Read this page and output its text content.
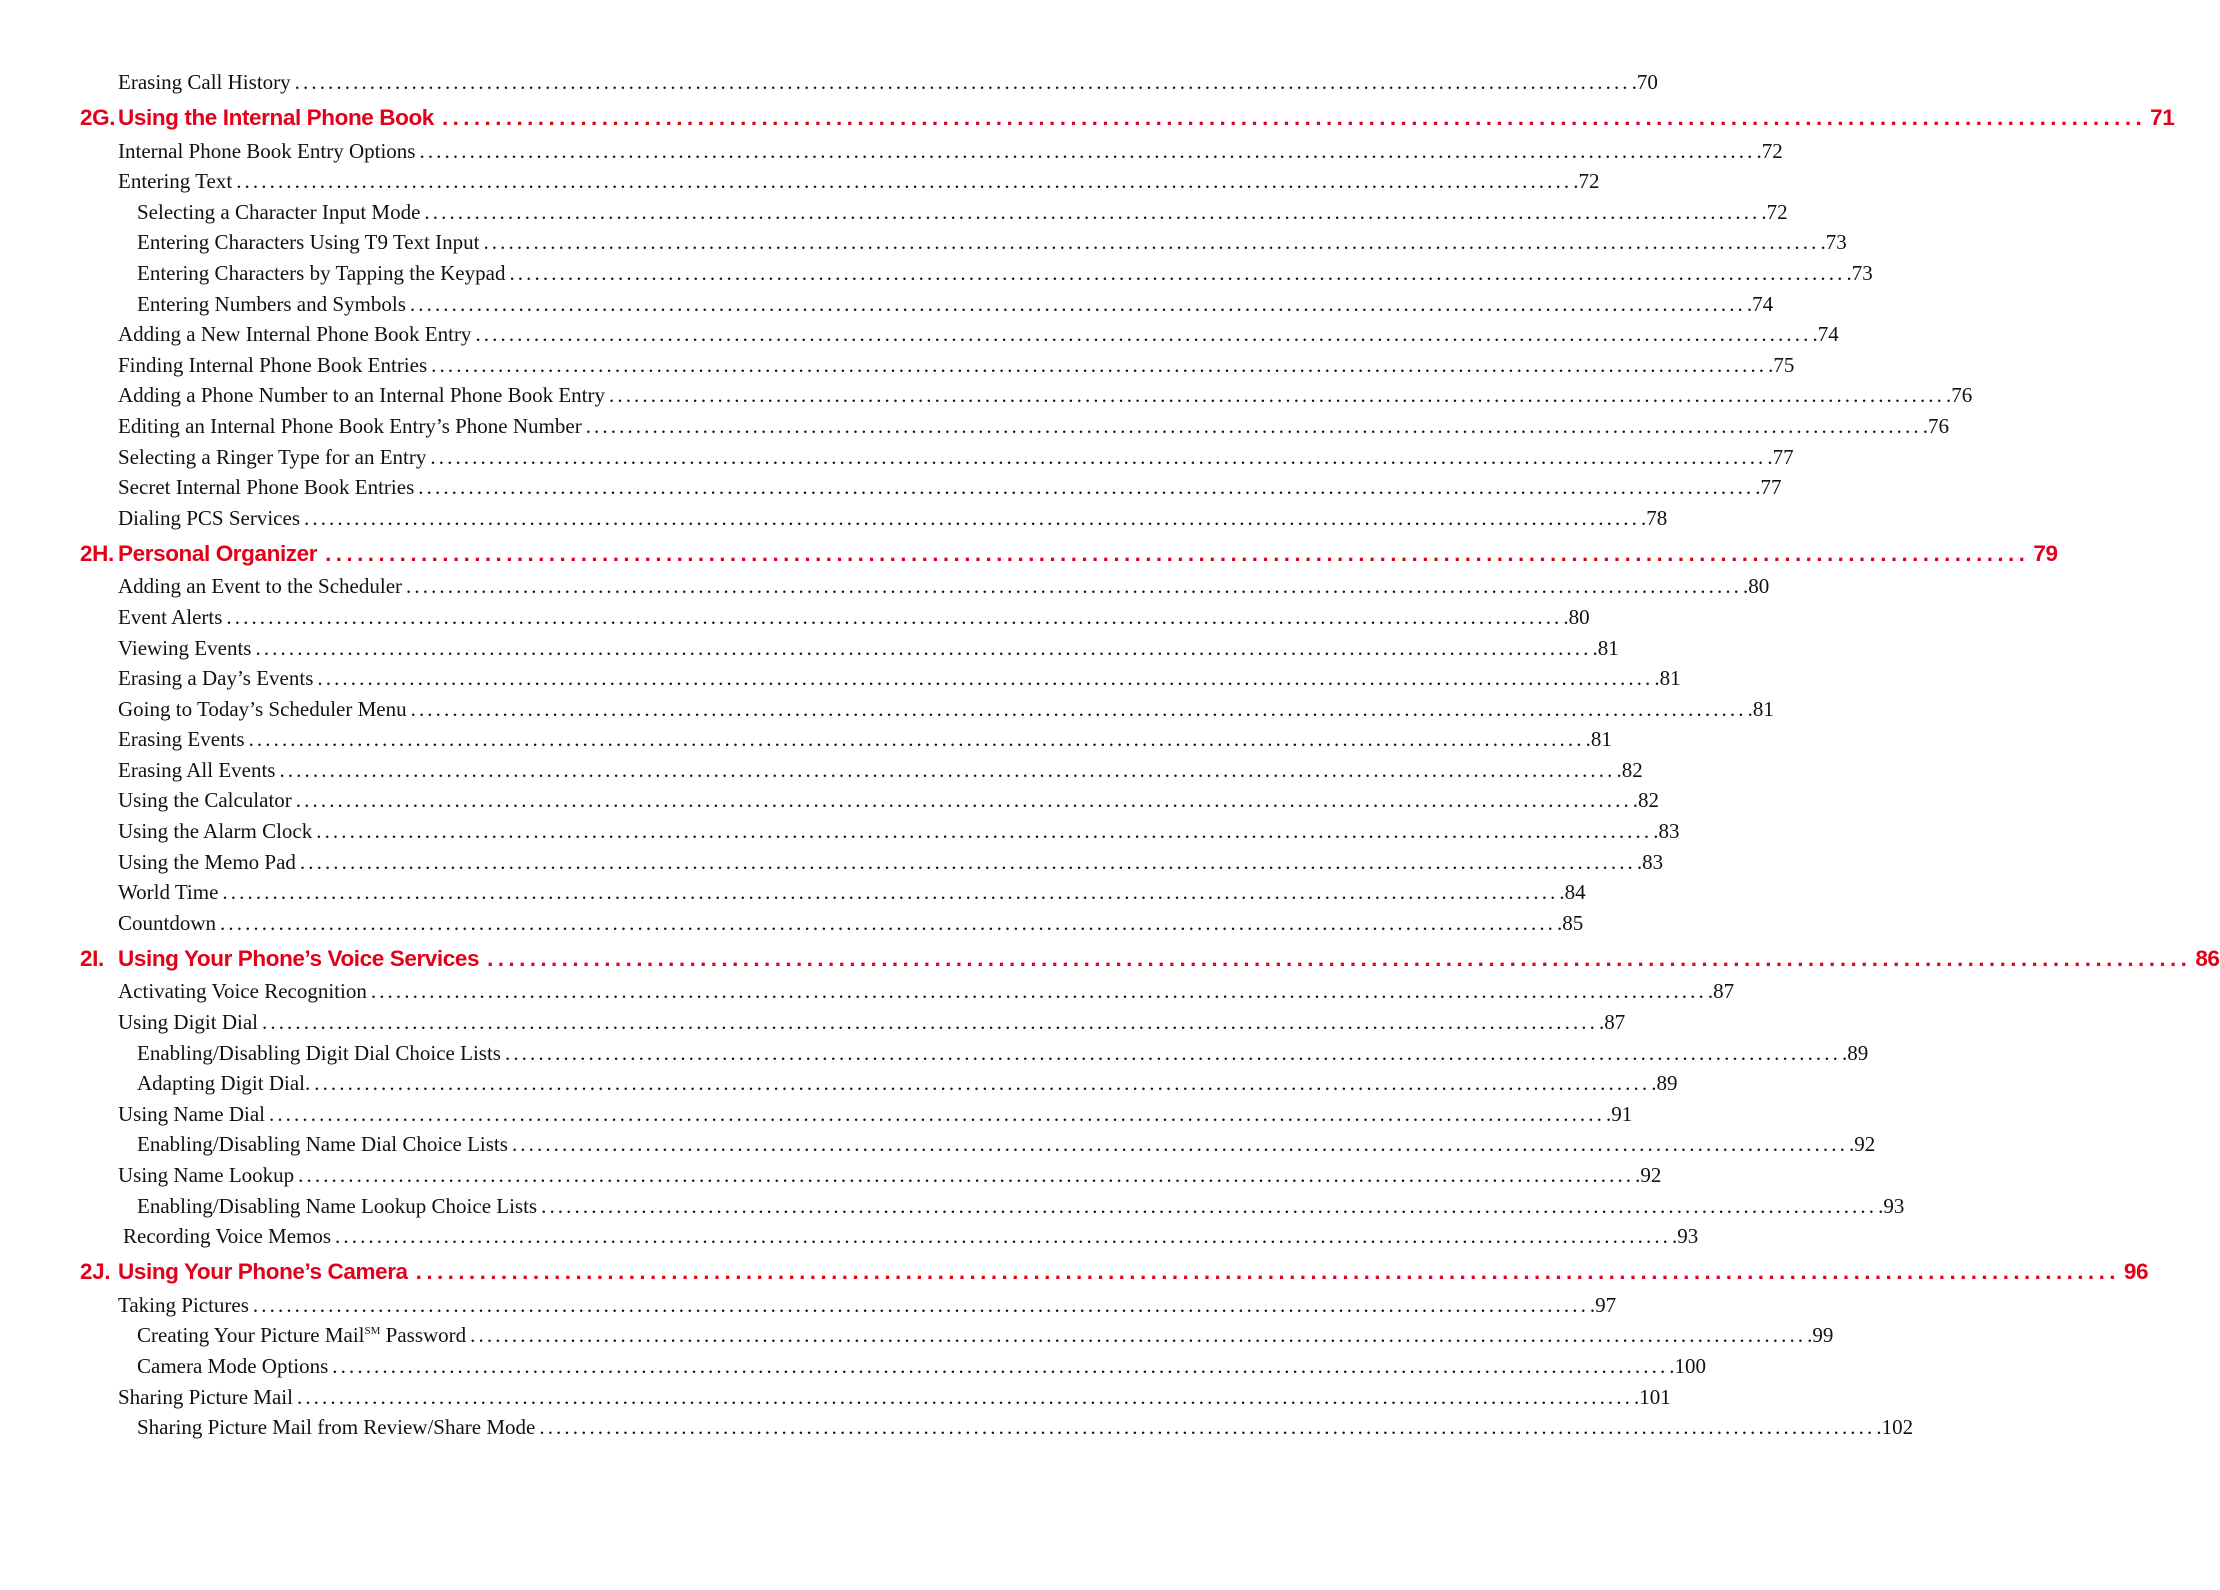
Erasing Call History ................................................................................................................................................................ .70
2G. Using the Internal Phone Book ................................................................................................................................................................ 71
Internal Phone Book Entry Options ................................................................................................................................................................ .72
Entering Text ................................................................................................................................................................ .72
Selecting a Character Input Mode ................................................................................................................................................................ .72
Entering Characters Using T9 Text Input ................................................................................................................................................................ .73
Entering Characters by Tapping the Keypad ................................................................................................................................................................ .73
Entering Numbers and Symbols ................................................................................................................................................................ .74
Adding a New Internal Phone Book Entry ................................................................................................................................................................ .74
Finding Internal Phone Book Entries ................................................................................................................................................................ .75
Adding a Phone Number to an Internal Phone Book Entry ................................................................................................................................................................ .76
Editing an Internal Phone Book Entry’s Phone Number ................................................................................................................................................................ .76
Selecting a Ringer Type for an Entry ................................................................................................................................................................ .77
Secret Internal Phone Book Entries ................................................................................................................................................................ .77
Dialing PCS Services ................................................................................................................................................................ .78
2H. Personal Organizer ................................................................................................................................................................ 79
Adding an Event to the Scheduler ................................................................................................................................................................ .80
Event Alerts ................................................................................................................................................................ .80
Viewing Events ................................................................................................................................................................ .81
Erasing a Day’s Events ................................................................................................................................................................ .81
Going to Today’s Scheduler Menu ................................................................................................................................................................ .81
Erasing Events ................................................................................................................................................................ .81
Erasing All Events ................................................................................................................................................................ .82
Using the Calculator ................................................................................................................................................................ .82
Using the Alarm Clock ................................................................................................................................................................ .83
Using the Memo Pad ................................................................................................................................................................ .83
World Time ................................................................................................................................................................ .84
Countdown ................................................................................................................................................................ .85
2I. Using Your Phone’s Voice Services ................................................................................................................................................................ 86
Activating Voice Recognition ................................................................................................................................................................ .87
Using Digit Dial ................................................................................................................................................................ .87
Enabling/Disabling Digit Dial Choice Lists ................................................................................................................................................................ .89
Adapting Digit Dial. ................................................................................................................................................................ .89
Using Name Dial ................................................................................................................................................................ .91
Enabling/Disabling Name Dial Choice Lists ................................................................................................................................................................ .92
Using Name Lookup ................................................................................................................................................................ .92
Enabling/Disabling Name Lookup Choice Lists ................................................................................................................................................................ .93
Recording Voice Memos ................................................................................................................................................................ .93
2J. Using Your Phone’s Camera ................................................................................................................................................................ 96
Taking Pictures ................................................................................................................................................................ .97
Creating Your Picture Mail℠ Password ................................................................................................................................................................ .99
Camera Mode Options ................................................................................................................................................................ .100
Sharing Picture Mail ................................................................................................................................................................ .101
Sharing Picture Mail from Review/Share Mode ................................................................................................................................................................ .102
